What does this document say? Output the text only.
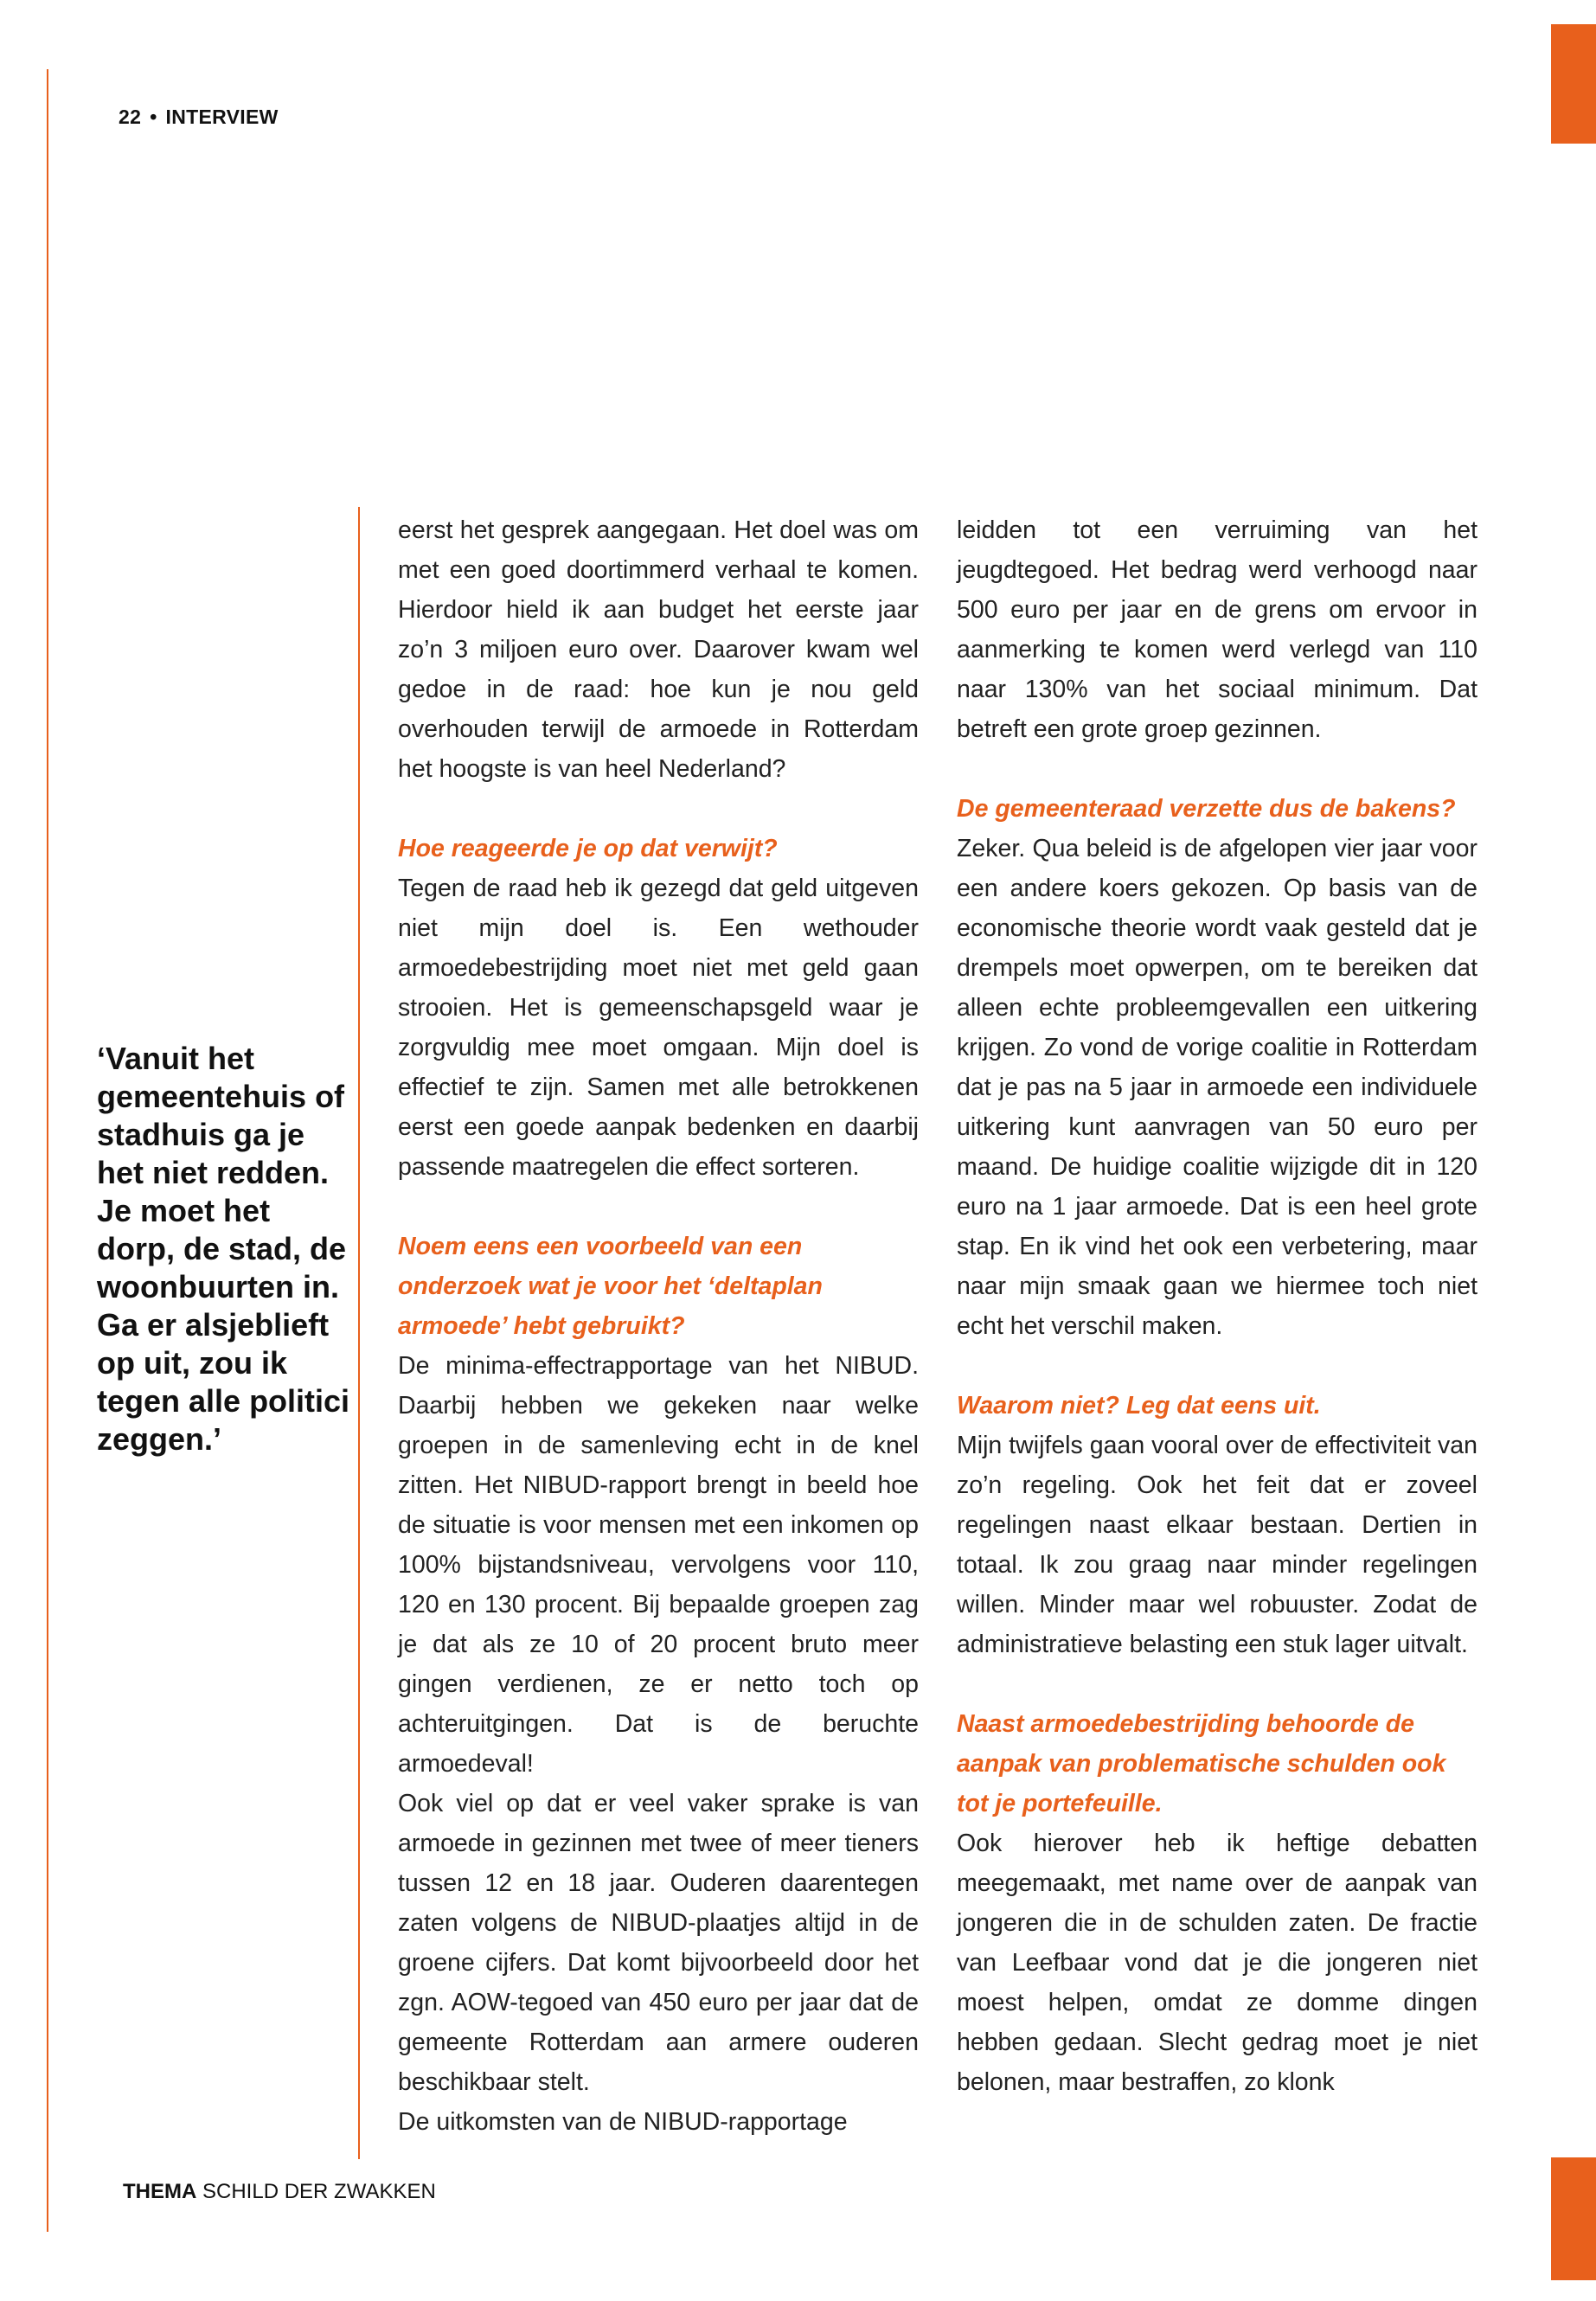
22 • INTERVIEW
‘Vanuit het gemeentehuis of stadhuis ga je het niet redden. Je moet het dorp, de stad, de woonbuurten in. Ga er alsjeblieft op uit, zou ik tegen alle politici zeggen.’

eerst het gesprek aangegaan. Het doel was om met een goed doortimmerd verhaal te komen. Hierdoor hield ik aan budget het eerste jaar zo’n 3 miljoen euro over. Daarover kwam wel gedoe in de raad: hoe kun je nou geld overhouden terwijl de armoede in Rotterdam het hoogste is van heel Nederland?

Hoe reageerde je op dat verwijt?

Tegen de raad heb ik gezegd dat geld uitgeven niet mijn doel is. Een wethouder armoedebestrijding moet niet met geld gaan strooien. Het is gemeenschapsgeld waar je zorgvuldig mee moet omgaan. Mijn doel is effectief te zijn. Samen met alle betrokkenen eerst een goede aanpak bedenken en daarbij passende maatregelen die effect sorteren.

Noem eens een voorbeeld van een onderzoek wat je voor het ‘deltaplan armoede’ hebt gebruikt?

De minima-effectrapportage van het NIBUD. Daarbij hebben we gekeken naar welke groepen in de samenleving echt in de knel zitten. Het NIBUD-rapport brengt in beeld hoe de situatie is voor mensen met een inkomen op 100% bijstandsniveau, vervolgens voor 110, 120 en 130 procent. Bij bepaalde groepen zag je dat als ze 10 of 20 procent bruto meer gingen verdienen, ze er netto toch op achteruitgingen. Dat is de beruchte armoedeval!

Ook viel op dat er veel vaker sprake is van armoede in gezinnen met twee of meer tieners tussen 12 en 18 jaar. Ouderen daarentegen zaten volgens de NIBUD-plaatjes altijd in de groene cijfers. Dat komt bijvoorbeeld door het zgn. AOW-tegoed van 450 euro per jaar dat de gemeente Rotterdam aan armere ouderen beschikbaar stelt.

De uitkomsten van de NIBUD-rapportage

leidden tot een verruiming van het jeugdtegoed. Het bedrag werd verhoogd naar 500 euro per jaar en de grens om ervoor in aanmerking te komen werd verlegd van 110 naar 130% van het sociaal minimum. Dat betreft een grote groep gezinnen.

De gemeenteraad verzette dus de bakens?

Zeker. Qua beleid is de afgelopen vier jaar voor een andere koers gekozen. Op basis van de economische theorie wordt vaak gesteld dat je drempels moet opwerpen, om te bereiken dat alleen echte probleemgevallen een uitkering krijgen. Zo vond de vorige coalitie in Rotterdam dat je pas na 5 jaar in armoede een individuele uitkering kunt aanvragen van 50 euro per maand. De huidige coalitie wijzigde dit in 120 euro na 1 jaar armoede. Dat is een heel grote stap. En ik vind het ook een verbetering, maar naar mijn smaak gaan we hiermee toch niet echt het verschil maken.

Waarom niet? Leg dat eens uit.

Mijn twijfels gaan vooral over de effectiviteit van zo’n regeling. Ook het feit dat er zoveel regelingen naast elkaar bestaan. Dertien in totaal. Ik zou graag naar minder regelingen willen. Minder maar wel robuuster. Zodat de administratieve belasting een stuk lager uitvalt.

Naast armoedebestrijding behoorde de aanpak van problematische schulden ook tot je portefeuille.

Ook hierover heb ik heftige debatten meegemaakt, met name over de aanpak van jongeren die in de schulden zaten. De fractie van Leefbaar vond dat je die jongeren niet moest helpen, omdat ze domme dingen hebben gedaan. Slecht gedrag moet je niet belonen, maar bestraffen, zo klonk

THEMA SCHILD DER ZWAKKEN
